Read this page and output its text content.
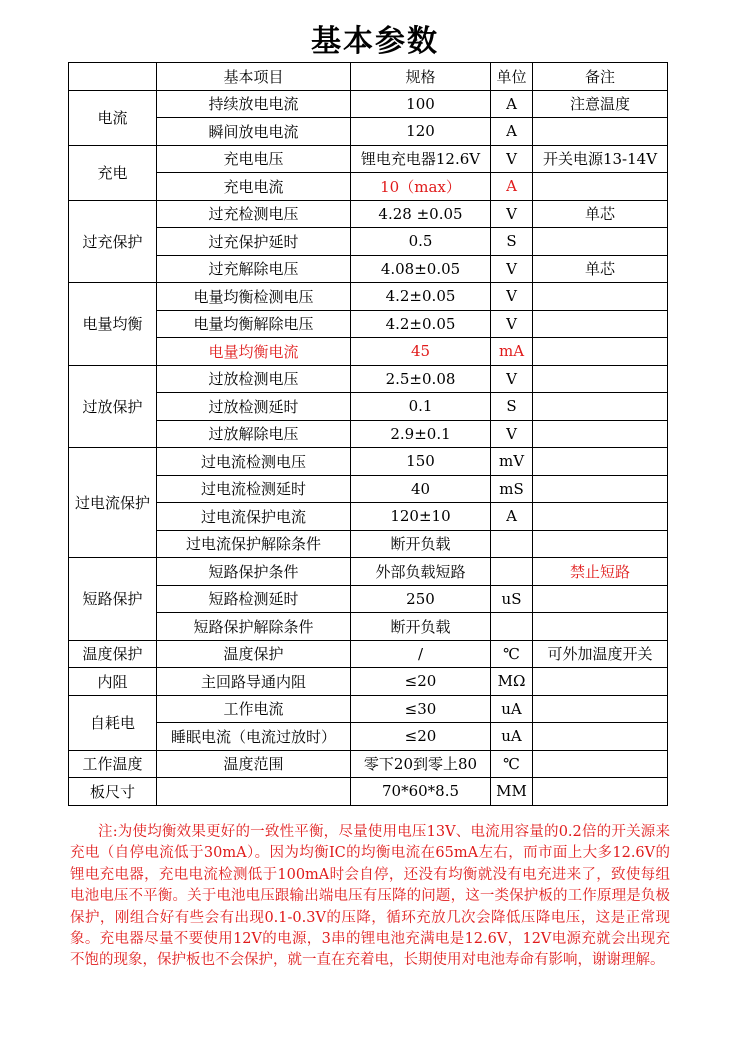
基本参数
	基本项目	规格	单位	备注
电流	持续放电电流	100	A	注意温度
	瞬间放电电流	120	A	
充电	充电电压	锂电充电器12.6V	V	开关电源13-14V
	充电电流	10（max）	A	
过充保护	过充检测电压	4.28 ±0.05	V	单芯
	过充保护延时	0.5	S	
	过充解除电压	4.08±0.05	V	单芯
电量均衡	电量均衡检测电压	4.2±0.05	V	
	电量均衡解除电压	4.2±0.05	V	
	电量均衡电流	45	mA	
过放保护	过放检测电压	2.5±0.08	V	
	过放检测延时	0.1	S	
	过放解除电压	2.9±0.1	V	
过电流保护	过电流检测电压	150	mV	
	过电流检测延时	40	mS	
	过电流保护电流	120±10	A	
	过电流保护解除条件	断开负载		
短路保护	短路保护条件	外部负载短路		禁止短路
	短路检测延时	250	uS	
	短路保护解除条件	断开负载		
温度保护	温度保护	/	℃	可外加温度开关
内阻	主回路导通内阻	≤20	MΩ	
自耗电	工作电流	≤30	uA	
	睡眠电流（电流过放时）	≤20	uA	
工作温度	温度范围	零下20到零上80	℃	
板尺寸		70*60*8.5	MM	
注:为使均衡效果更好的一致性平衡，尽量使用电压13V、电流用容量的0.2倍的开关源来充电（自停电流低于30mA）。因为均衡IC的均衡电流在65mA左右，而市面上大多12.6V的锂电充电器，充电电流检测低于100mA时会自停，还没有均衡就没有电充进来了，致使每组电池电压不平衡。关于电池电压跟输出端电压有压降的问题，这一类保护板的工作原理是负极保护，刚组合好有些会有出现0.1-0.3V的压降，循环充放几次会降低压降电压，这是正常现象。充电器尽量不要使用12V的电源，3串的锂电池充满电是12.6V，12V电源充就会出现充不饱的现象，保护板也不会保护，就一直在充着电，长期使用对电池寿命有影响，谢谢理解。
